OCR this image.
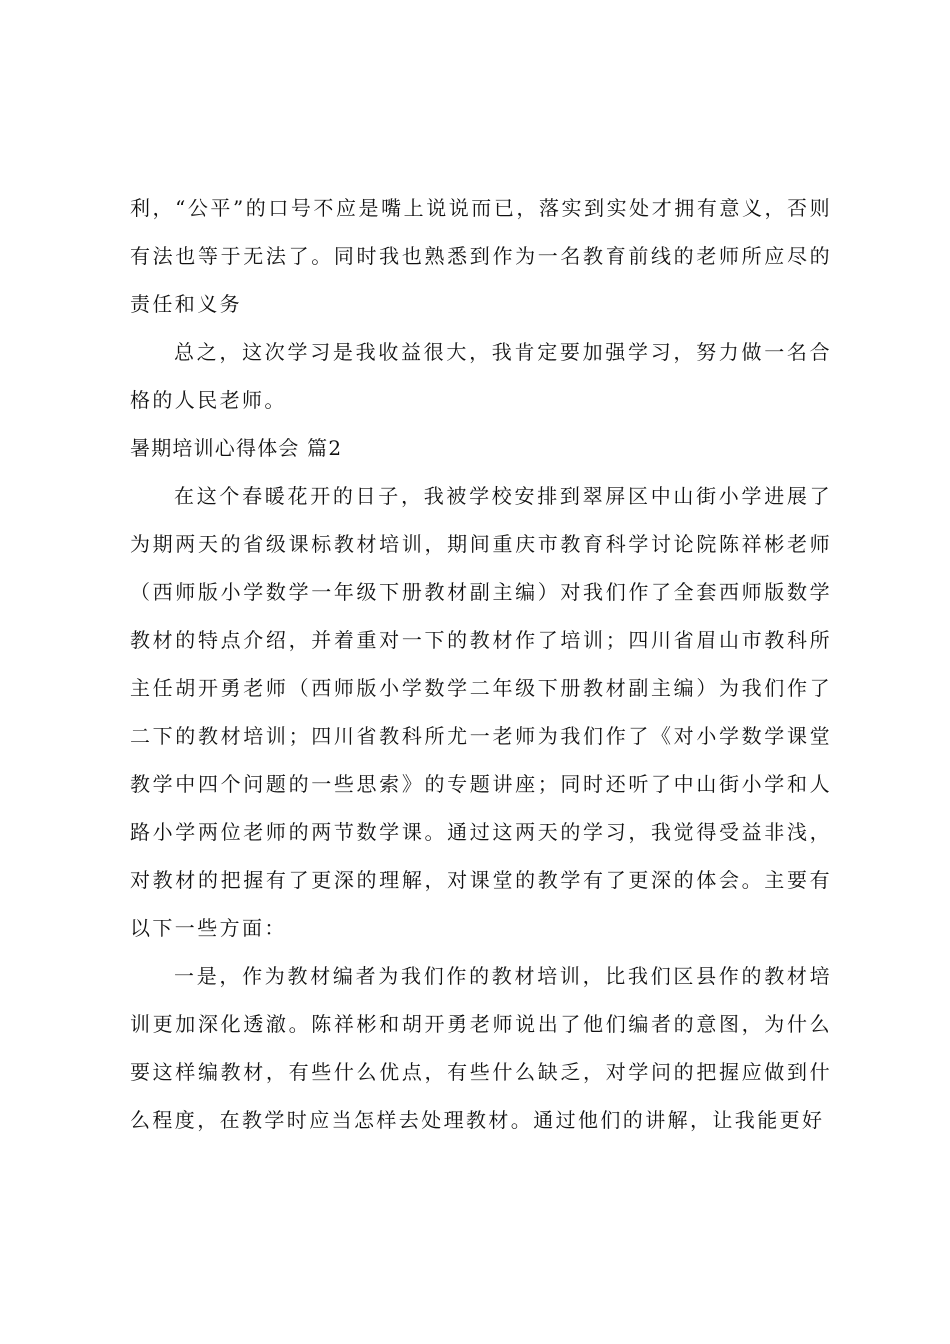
利，“公平”的口号不应是嘴上说说而已，落实到实处才拥有意义，否则有法也等于无法了。同时我也熟悉到作为一名教育前线的老师所应尽的责任和义务

总之，这次学习是我收益很大，我肯定要加强学习，努力做一名合格的人民老师。

暑期培训心得体会 篇2

在这个春暖花开的日子，我被学校安排到翠屏区中山街小学进展了为期两天的省级课标教材培训，期间重庆市教育科学讨论院陈祥彬老师（西师版小学数学一年级下册教材副主编）对我们作了全套西师版数学教材的特点介绍，并着重对一下的教材作了培训；四川省眉山市教科所主任胡开勇老师（西师版小学数学二年级下册教材副主编）为我们作了二下的教材培训；四川省教科所尤一老师为我们作了《对小学数学课堂教学中四个问题的一些思索》的专题讲座；同时还听了中山街小学和人路小学两位老师的两节数学课。通过这两天的学习，我觉得受益非浅，对教材的把握有了更深的理解，对课堂的教学有了更深的体会。主要有以下一些方面：

一是，作为教材编者为我们作的教材培训，比我们区县作的教材培训更加深化透澈。陈祥彬和胡开勇老师说出了他们编者的意图，为什么要这样编教材，有些什么优点，有些什么缺乏，对学问的把握应做到什么程度，在教学时应当怎样去处理教材。通过他们的讲解，让我能更好
